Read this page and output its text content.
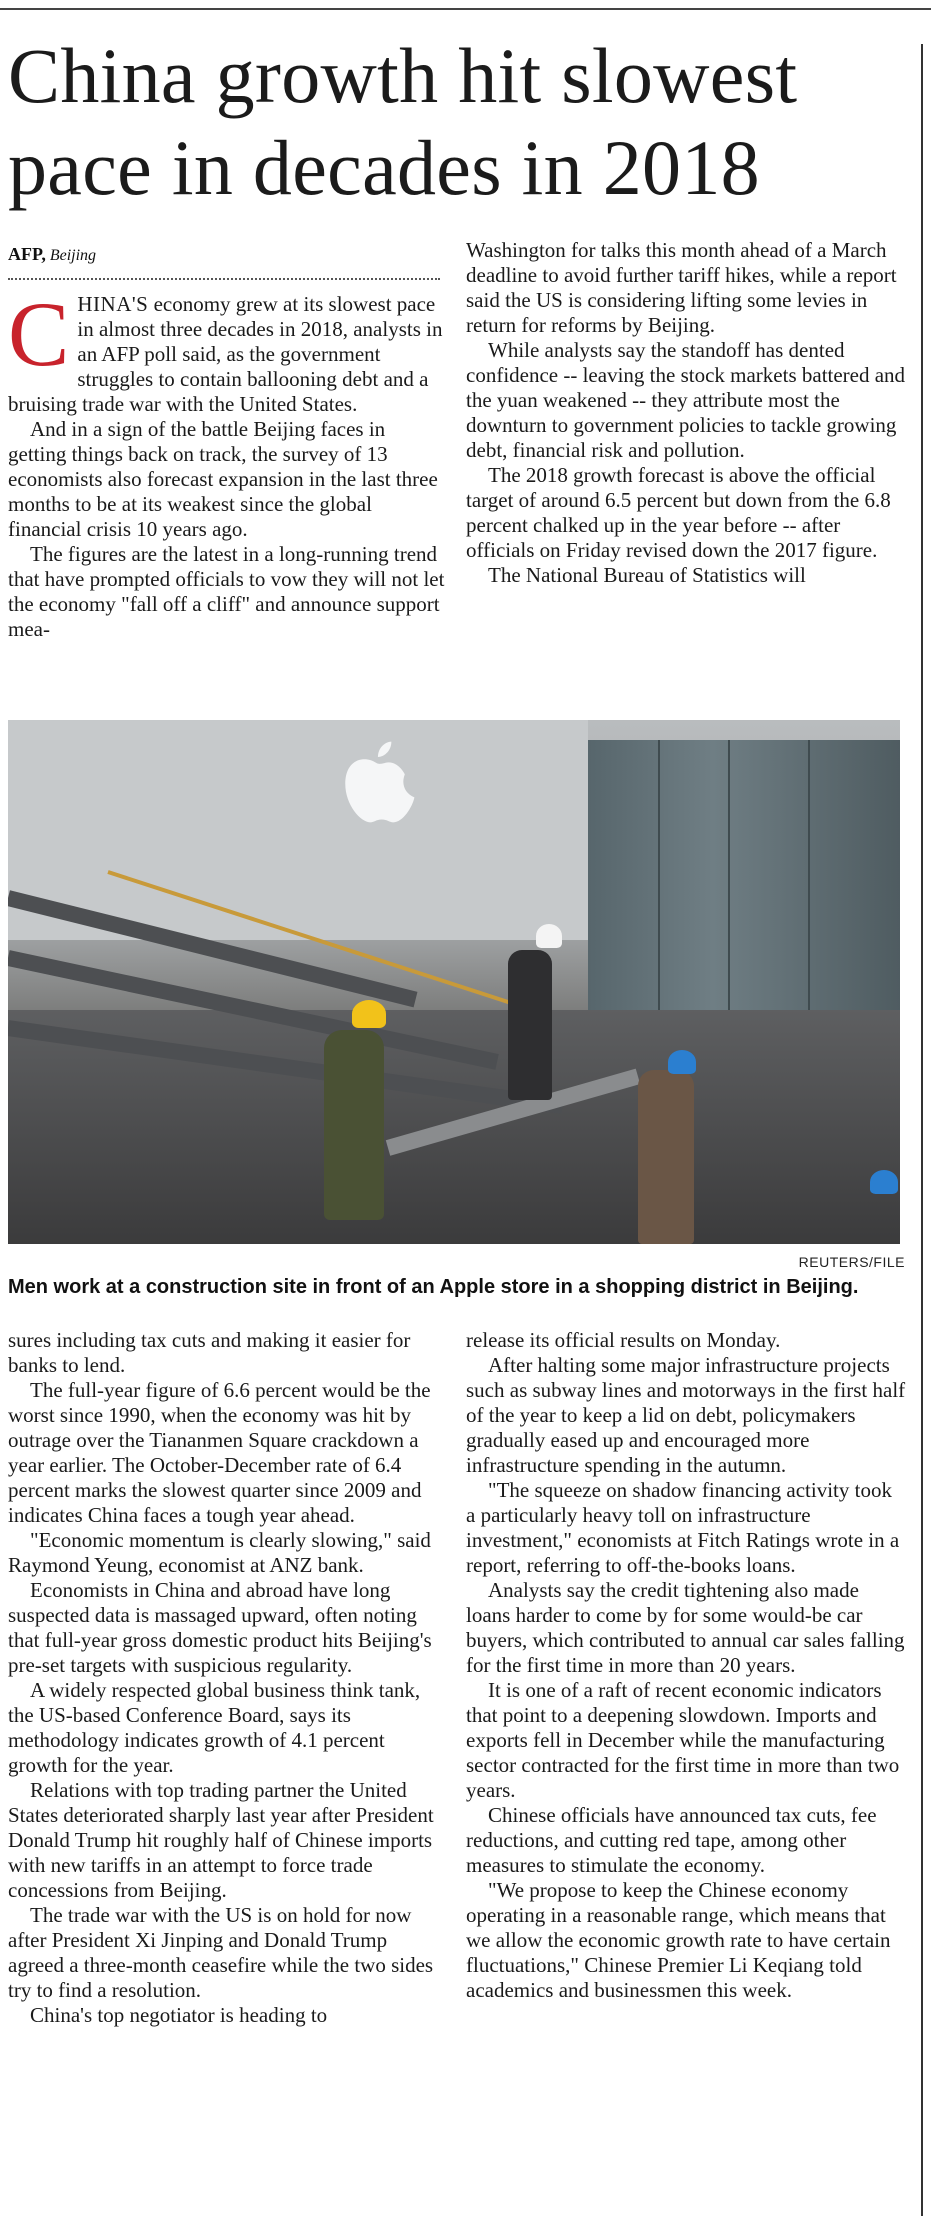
China growth hit slowest pace in decades in 2018
AFP, Beijing

CHINA'S economy grew at its slowest pace in almost three decades in 2018, analysts in an AFP poll said, as the government struggles to contain ballooning debt and a bruising trade war with the United States.

And in a sign of the battle Beijing faces in getting things back on track, the survey of 13 economists also forecast expansion in the last three months to be at its weakest since the global financial crisis 10 years ago.

The figures are the latest in a long-running trend that have prompted officials to vow they will not let the economy "fall off a cliff" and announce support mea-

Washington for talks this month ahead of a March deadline to avoid further tariff hikes, while a report said the US is considering lifting some levies in return for reforms by Beijing.

While analysts say the standoff has dented confidence -- leaving the stock markets battered and the yuan weakened -- they attribute most the downturn to government policies to tackle growing debt, financial risk and pollution.

The 2018 growth forecast is above the official target of around 6.5 percent but down from the 6.8 percent chalked up in the year before -- after officials on Friday revised down the 2017 figure.

The National Bureau of Statistics will

REUTERS/FILE
Men work at a construction site in front of an Apple store in a shopping district in Beijing.

sures including tax cuts and making it easier for banks to lend.

The full-year figure of 6.6 percent would be the worst since 1990, when the economy was hit by outrage over the Tiananmen Square crackdown a year earlier. The October-December rate of 6.4 percent marks the slowest quarter since 2009 and indicates China faces a tough year ahead.

"Economic momentum is clearly slowing," said Raymond Yeung, economist at ANZ bank.

Economists in China and abroad have long suspected data is massaged upward, often noting that full-year gross domestic product hits Beijing's pre-set targets with suspicious regularity.

A widely respected global business think tank, the US-based Conference Board, says its methodology indicates growth of 4.1 percent growth for the year.

Relations with top trading partner the United States deteriorated sharply last year after President Donald Trump hit roughly half of Chinese imports with new tariffs in an attempt to force trade concessions from Beijing.

The trade war with the US is on hold for now after President Xi Jinping and Donald Trump agreed a three-month ceasefire while the two sides try to find a resolution.

China's top negotiator is heading to

release its official results on Monday.

After halting some major infrastructure projects such as subway lines and motorways in the first half of the year to keep a lid on debt, policymakers gradually eased up and encouraged more infrastructure spending in the autumn.

"The squeeze on shadow financing activity took a particularly heavy toll on infrastructure investment," economists at Fitch Ratings wrote in a report, referring to off-the-books loans.

Analysts say the credit tightening also made loans harder to come by for some would-be car buyers, which contributed to annual car sales falling for the first time in more than 20 years.

It is one of a raft of recent economic indicators that point to a deepening slowdown. Imports and exports fell in December while the manufacturing sector contracted for the first time in more than two years.

Chinese officials have announced tax cuts, fee reductions, and cutting red tape, among other measures to stimulate the economy.

"We propose to keep the Chinese economy operating in a reasonable range, which means that we allow the economic growth rate to have certain fluctuations," Chinese Premier Li Keqiang told academics and businessmen this week.
